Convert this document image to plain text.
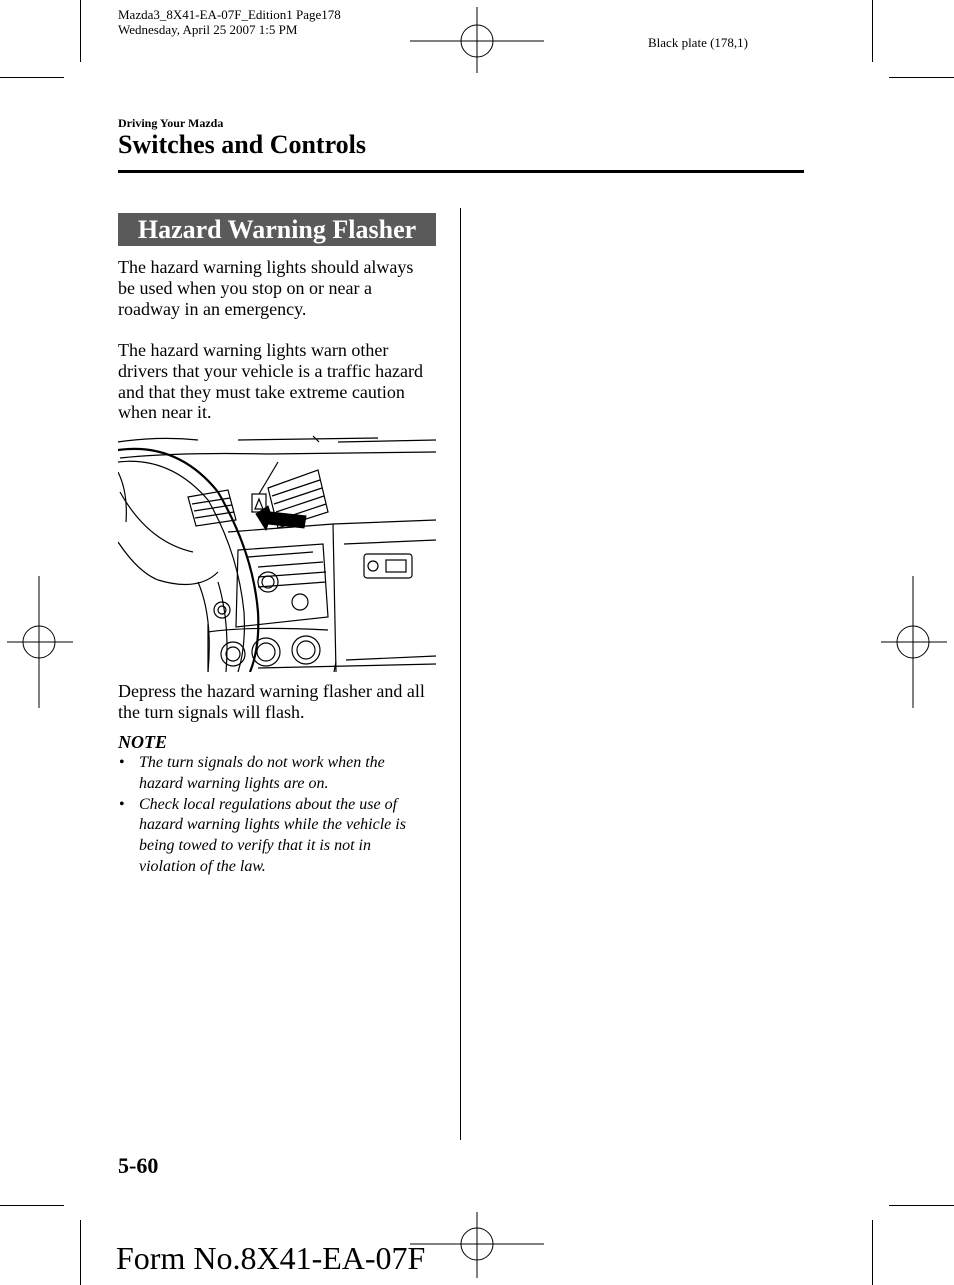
Mazda3_8X41-EA-07F_Edition1 Page178
Wednesday, April 25 2007 1:5 PM
Black plate (178,1)
Driving Your Mazda
Switches and Controls
Hazard Warning Flasher
The hazard warning lights should always
be used when you stop on or near a
roadway in an emergency.
The hazard warning lights warn other
drivers that your vehicle is a traffic hazard
and that they must take extreme caution
when near it.
Depress the hazard warning flasher and all
the turn signals will flash.
NOTE
• The turn signals do not work when the
hazard warning lights are on.
• Check local regulations about the use of
hazard warning lights while the vehicle is
being towed to verify that it is not in
violation of the law.
5-60
Form No.8X41-EA-07F
